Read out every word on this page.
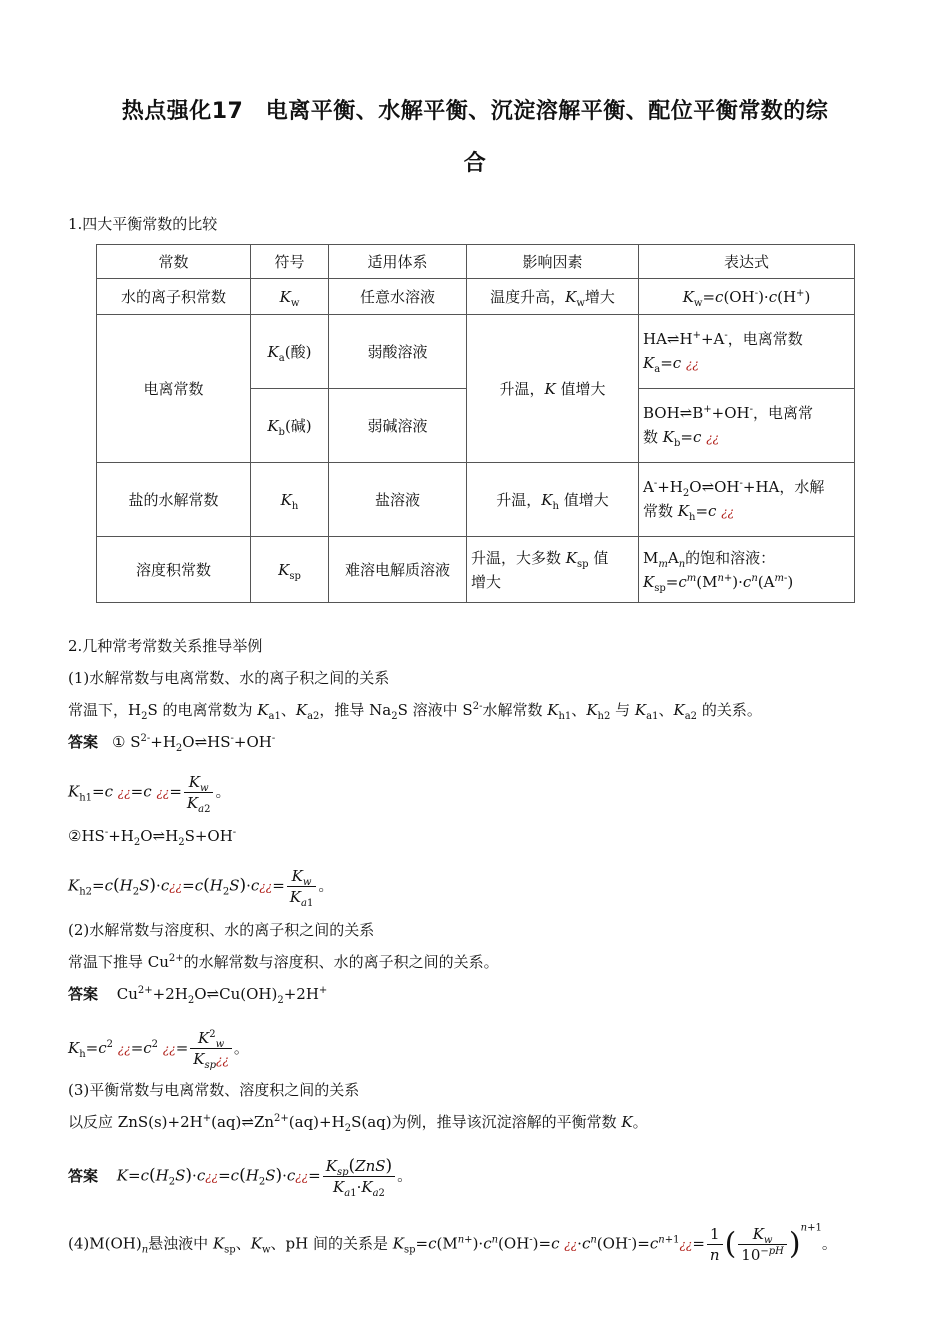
热点强化17　电离平衡、水解平衡、沉淀溶解平衡、配位平衡常数的综
合
1.四大平衡常数的比较
常数	符号	适用体系	影响因素	表达式
水的离子积常数	$K_w$	任意水溶液	温度升高，$K_w$增大	$K_w=c(OH^-)\cdot c(H^+)$
电离常数	$K_a$(酸)	弱酸溶液	升温，K 值增大	HA⇌H++A-，电离常数
$K_a=c$ ¿¿
	$K_b$(碱)	弱碱溶液		BOH⇌B++OH-，电离常
数 $K_b=c$ ¿¿
盐的水解常数	$K_h$	盐溶液	升温，$K_h$ 值增大	$A^-+H_2O\rightleftharpoons OH^-+HA$，水解
常数 $K_h=c$ ¿¿
溶度积常数	$K_{sp}$	难溶电解质溶液	升温，大多数 $K_{sp}$ 值
增大	$M_mA_n$的饱和溶液：
$K_{sp}=c^m(M^{n+})\cdot c^n(A^{m-})$
2.几种常考常数关系推导举例
(1)水解常数与电离常数、水的离子积之间的关系
常温下，$H_2S$ 的电离常数为 $K_{a1}$、$K_{a2}$，推导 $Na_2S$ 溶液中 $S^{2-}$水解常数 $K_{h1}$、$K_{h2}$ 与 $K_{a1}$、$K_{a2}$ 的关系。
答案 ① $S^{2-}+H_2O\rightleftharpoons HS^-+OH^-$
$K_{h1}=c$ ¿¿=c ¿¿= $\frac{K_w}{K_{a2}}$ 。
$②HS^-+H_2O\rightleftharpoons H_2S+OH^-$
$K_{h2}=c(H_2S)\cdot c¿¿=c(H_2S)\cdot c¿¿= \frac{K_w}{K_{a1}}$ 。
(2)水解常数与溶度积、水的离子积之间的关系
常温下推导 $Cu^{2+}$的水解常数与溶度积、水的离子积之间的关系。
答案 $Cu^{2+}+2H_2O\rightleftharpoons Cu(OH)_2+2H^+$
$K_h=c^2$ ¿¿$=c^2$ ¿¿= $\frac{K^2_w}{K_{sp}¿¿}$ 。
(3)平衡常数与电离常数、溶度积之间的关系
以反应 $ZnS(s)+2H^+(aq)\rightleftharpoons Zn^{2+}(aq)+H_2S(aq)$为例，推导该沉淀溶解的平衡常数 K。
答案 $K=c(H_2S)\cdot c¿¿=c(H_2S)\cdot c¿¿= \frac{K_{sp}(ZnS)}{K_{a1}\cdot K_{a2}}$ 。
$(4)M(OH)_n$悬浊液中 $K_{sp}$、$K_w$、pH 间的关系是 $K_{sp}=c(M^{n+})\cdot c^n(OH^-)=c$ ¿¿$\cdot c^n(OH^-)=c^{n+1}¿¿= \frac{1}{n}$ ( $\frac{K_w}{10^{-pH}} )^{n+1}$。
